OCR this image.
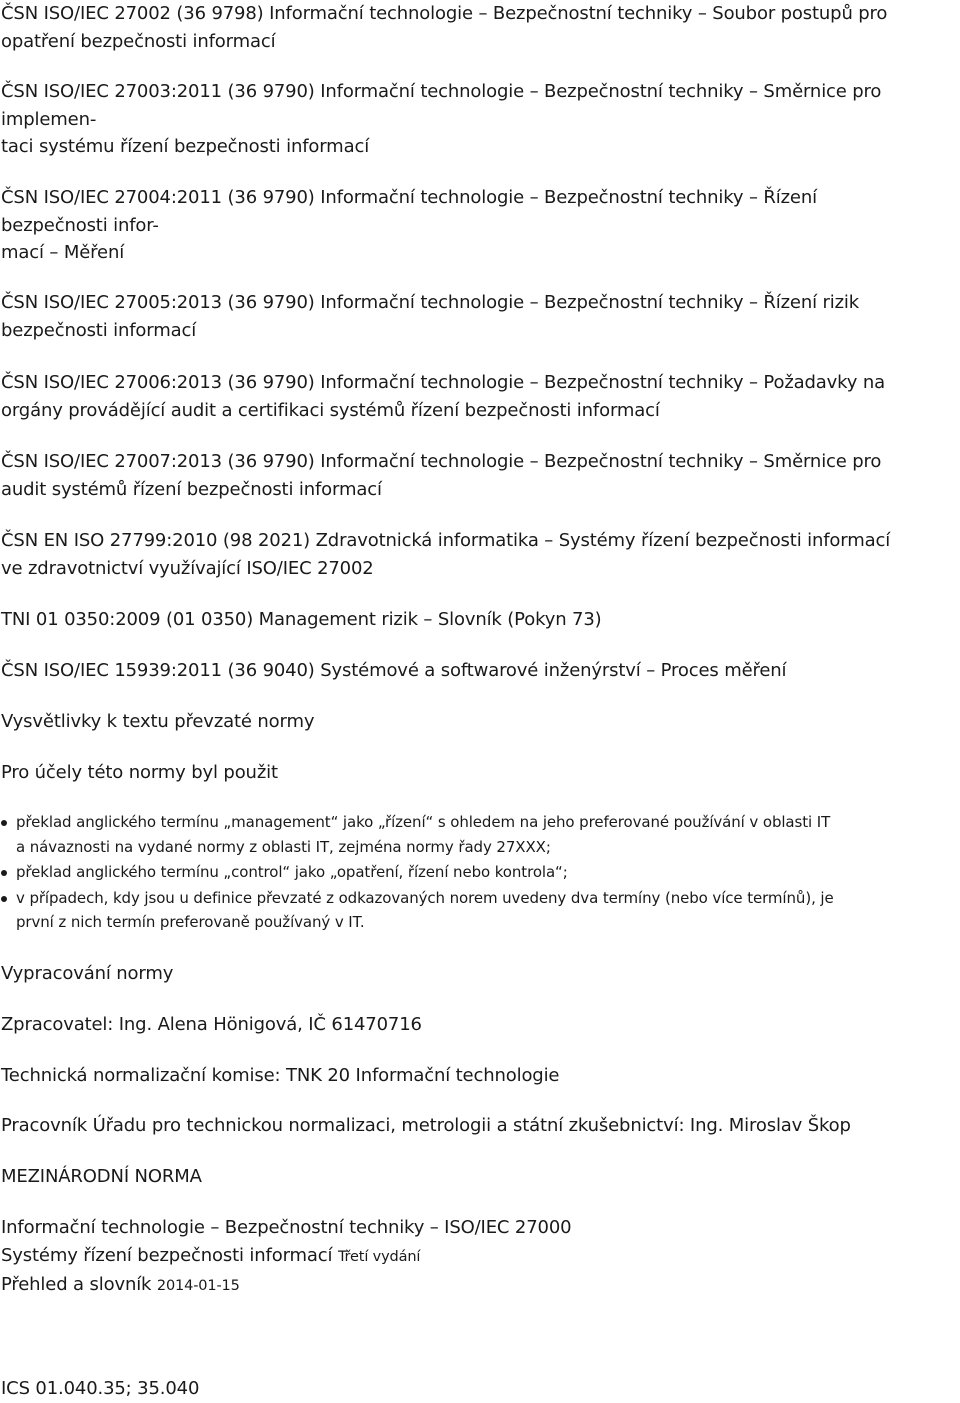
ČSN ISO/IEC 27002 (36 9798) Informační technologie – Bezpečnostní techniky – Soubor postupů pro
opatření bezpečnosti informací

ČSN ISO/IEC 27003:2011 (36 9790) Informační technologie – Bezpečnostní techniky – Směrnice pro
implemen-
taci systému řízení bezpečnosti informací

ČSN ISO/IEC 27004:2011 (36 9790) Informační technologie – Bezpečnostní techniky – Řízení
bezpečnosti infor-
mací – Měření

ČSN ISO/IEC 27005:2013 (36 9790) Informační technologie – Bezpečnostní techniky – Řízení rizik
bezpečnosti informací

ČSN ISO/IEC 27006:2013 (36 9790) Informační technologie – Bezpečnostní techniky – Požadavky na
orgány provádějící audit a certifikaci systémů řízení bezpečnosti informací

ČSN ISO/IEC 27007:2013 (36 9790) Informační technologie – Bezpečnostní techniky – Směrnice pro
audit systémů řízení bezpečnosti informací

ČSN EN ISO 27799:2010 (98 2021) Zdravotnická informatika – Systémy řízení bezpečnosti informací
ve zdravotnictví využívající ISO/IEC 27002

TNI 01 0350:2009 (01 0350) Management rizik – Slovník (Pokyn 73)

ČSN ISO/IEC 15939:2011 (36 9040) Systémové a softwarové inženýrství – Proces měření

Vysvětlivky k textu převzaté normy

Pro účely této normy byl použit

překlad anglického termínu „management“ jako „řízení“ s ohledem na jeho preferované používání v oblasti IT
a návaznosti na vydané normy z oblasti IT, zejména normy řady 27XXX;
překlad anglického termínu „control“ jako „opatření, řízení nebo kontrola“;
v případech, kdy jsou u definice převzaté z odkazovaných norem uvedeny dva termíny (nebo více termínů), je
první z nich termín preferovaně používaný v IT.

Vypracování normy

Zpracovatel: Ing. Alena Hönigová, IČ 61470716

Technická normalizační komise: TNK 20 Informační technologie

Pracovník Úřadu pro technickou normalizaci, metrologii a státní zkušebnictví: Ing. Miroslav Škop

MEZINÁRODNÍ NORMA

Informační technologie – Bezpečnostní techniky – ISO/IEC 27000
Systémy řízení bezpečnosti informací Třetí vydání
Přehled a slovník 2014-01-15

ICS 01.040.35; 35.040
